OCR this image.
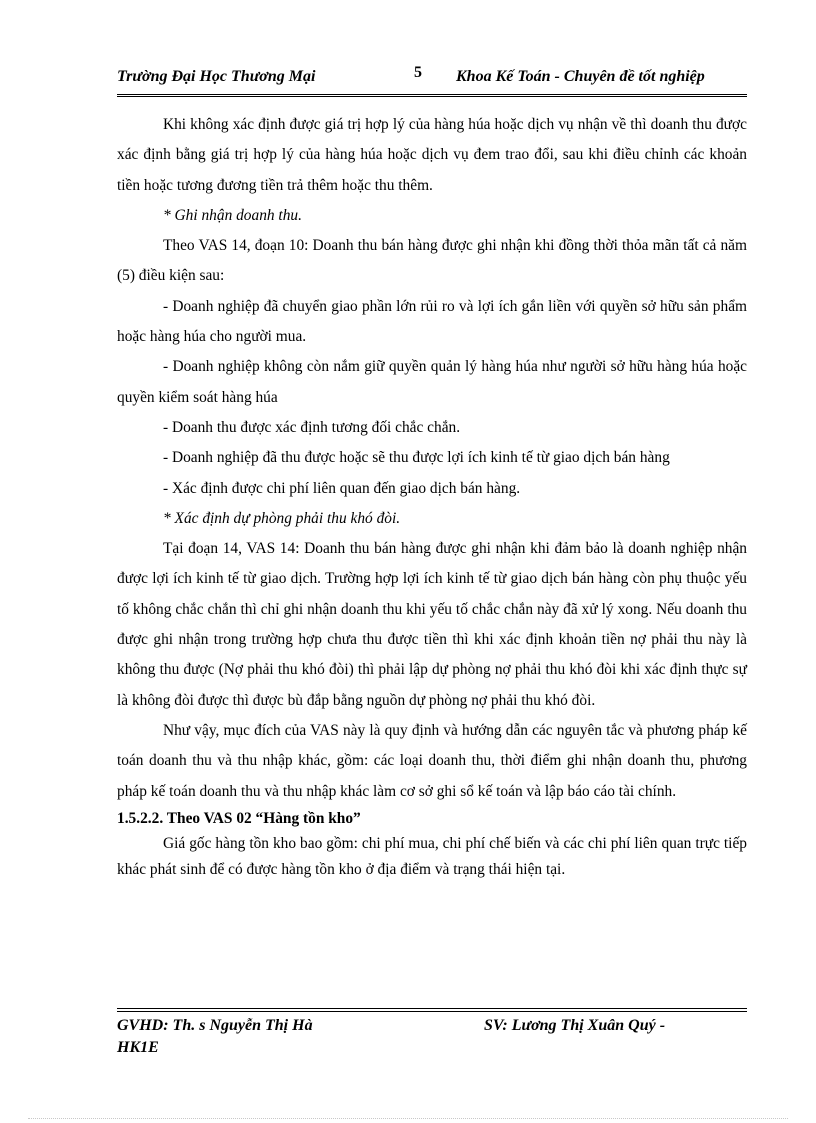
Trường Đại Học Thương Mại	5 Khoa Kế Toán - Chuyên đề tốt nghiệp

Khi không xác định được giá trị hợp lý của hàng húa hoặc dịch vụ nhận về thì doanh thu được xác định bằng giá trị hợp lý của hàng húa hoặc dịch vụ đem trao đổi, sau khi điều chỉnh các khoản tiền hoặc tương đương tiền trả thêm hoặc thu thêm.

* Ghi nhận doanh thu.

Theo VAS 14, đoạn 10: Doanh thu bán hàng được ghi nhận khi đồng thời thỏa mãn tất cả năm (5) điều kiện sau:

- Doanh nghiệp đã chuyển giao phần lớn rủi ro và lợi ích gắn liền với quyền sở hữu sản phẩm hoặc hàng húa cho người mua.

- Doanh nghiệp không còn nắm giữ quyền quản lý hàng húa như người sở hữu hàng húa hoặc quyền kiểm soát hàng húa

- Doanh thu được xác định tương đối chắc chắn.

- Doanh nghiệp đã thu được hoặc sẽ thu được lợi ích kinh tế từ giao dịch bán hàng

- Xác định được chi phí liên quan đến giao dịch bán hàng.

* Xác định dự phòng phải thu khó đòi.

Tại đoạn 14, VAS 14: Doanh thu bán hàng được ghi nhận khi đảm bảo là doanh nghiệp nhận được lợi ích kinh tế từ giao dịch. Trường hợp lợi ích kinh tế từ giao dịch bán hàng còn phụ thuộc yếu tố không chắc chắn thì chỉ ghi nhận doanh thu khi yếu tố chắc chắn này đã xử lý xong. Nếu doanh thu được ghi nhận trong trường hợp chưa thu được tiền thì khi xác định khoản tiền nợ phải thu này là không thu được (Nợ phải thu khó đòi) thì phải lập dự phòng nợ phải thu khó đòi khi xác định thực sự là không đòi được thì được bù đắp bằng nguồn dự phòng nợ phải thu khó đòi.

Như vậy, mục đích của VAS này là quy định và hướng dẫn các nguyên tắc và phương pháp kế toán doanh thu và thu nhập khác, gồm: các loại doanh thu, thời điểm ghi nhận doanh thu, phương pháp kế toán doanh thu và thu nhập khác làm cơ sở ghi sổ kế toán và lập báo cáo tài chính.

1.5.2.2. Theo VAS 02 “Hàng tồn kho”

Giá gốc hàng tồn kho bao gồm: chi phí mua, chi phí chế biến và các chi phí liên quan trực tiếp khác phát sinh để có được hàng tồn kho ở địa điểm và trạng thái hiện tại.

GVHD: Th. s Nguyễn Thị Hà	SV: Lương Thị Xuân Quý -
HK1E
